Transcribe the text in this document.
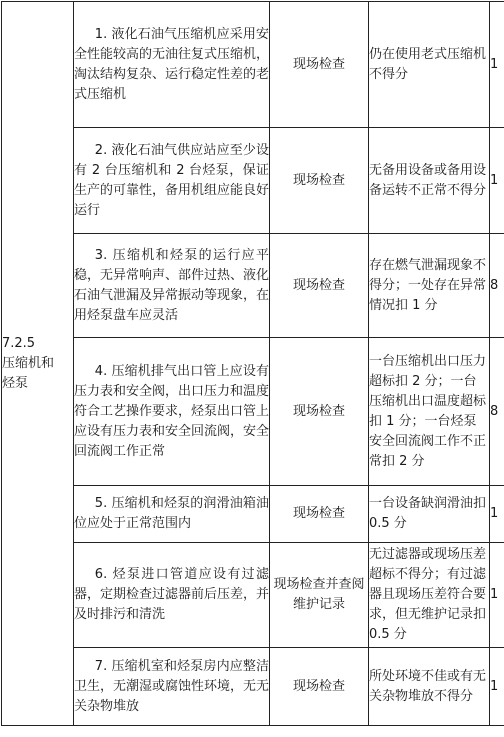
7.2.5
压缩机和
烃泵	1. 液化石油气压缩机应采用安全性能较高的无油往复式压缩机，淘汰结构复杂、运行稳定性差的老式压缩机	现场检查	仍在使用老式压缩机不得分	1

	2. 液化石油气供应站应至少设有 2 台压缩机和 2 台烃泵，保证生产的可靠性，备用机组应能良好运行	现场检查	无备用设备或备用设备运转不正常不得分	1

	3. 压缩机和烃泵的运行应平稳，无异常响声、部件过热、液化石油气泄漏及异常振动等现象，在用烃泵盘车应灵活	现场检查	存在燃气泄漏现象不得分；一处存在异常情况扣 1 分	8

	4. 压缩机排气出口管上应设有压力表和安全阀，出口压力和温度符合工艺操作要求，烃泵出口管上应设有压力表和安全回流阀，安全回流阀工作正常	现场检查	一台压缩机出口压力超标扣 2 分；一台压缩机出口温度超标扣 1 分；一台烃泵安全回流阀工作不正常扣 2 分	8

	5. 压缩机和烃泵的润滑油箱油位应处于正常范围内	现场检查	一台设备缺润滑油扣 0.5 分	1

	6. 烃泵进口管道应设有过滤器，定期检查过滤器前后压差，并及时排污和清洗	现场检查并查阅维护记录	无过滤器或现场压差超标不得分；有过滤器且现场压差符合要求，但无维护记录扣 0.5 分	1

	7. 压缩机室和烃泵房内应整洁卫生，无潮湿或腐蚀性环境，无无关杂物堆放	现场检查	所处环境不佳或有无关杂物堆放不得分	1
